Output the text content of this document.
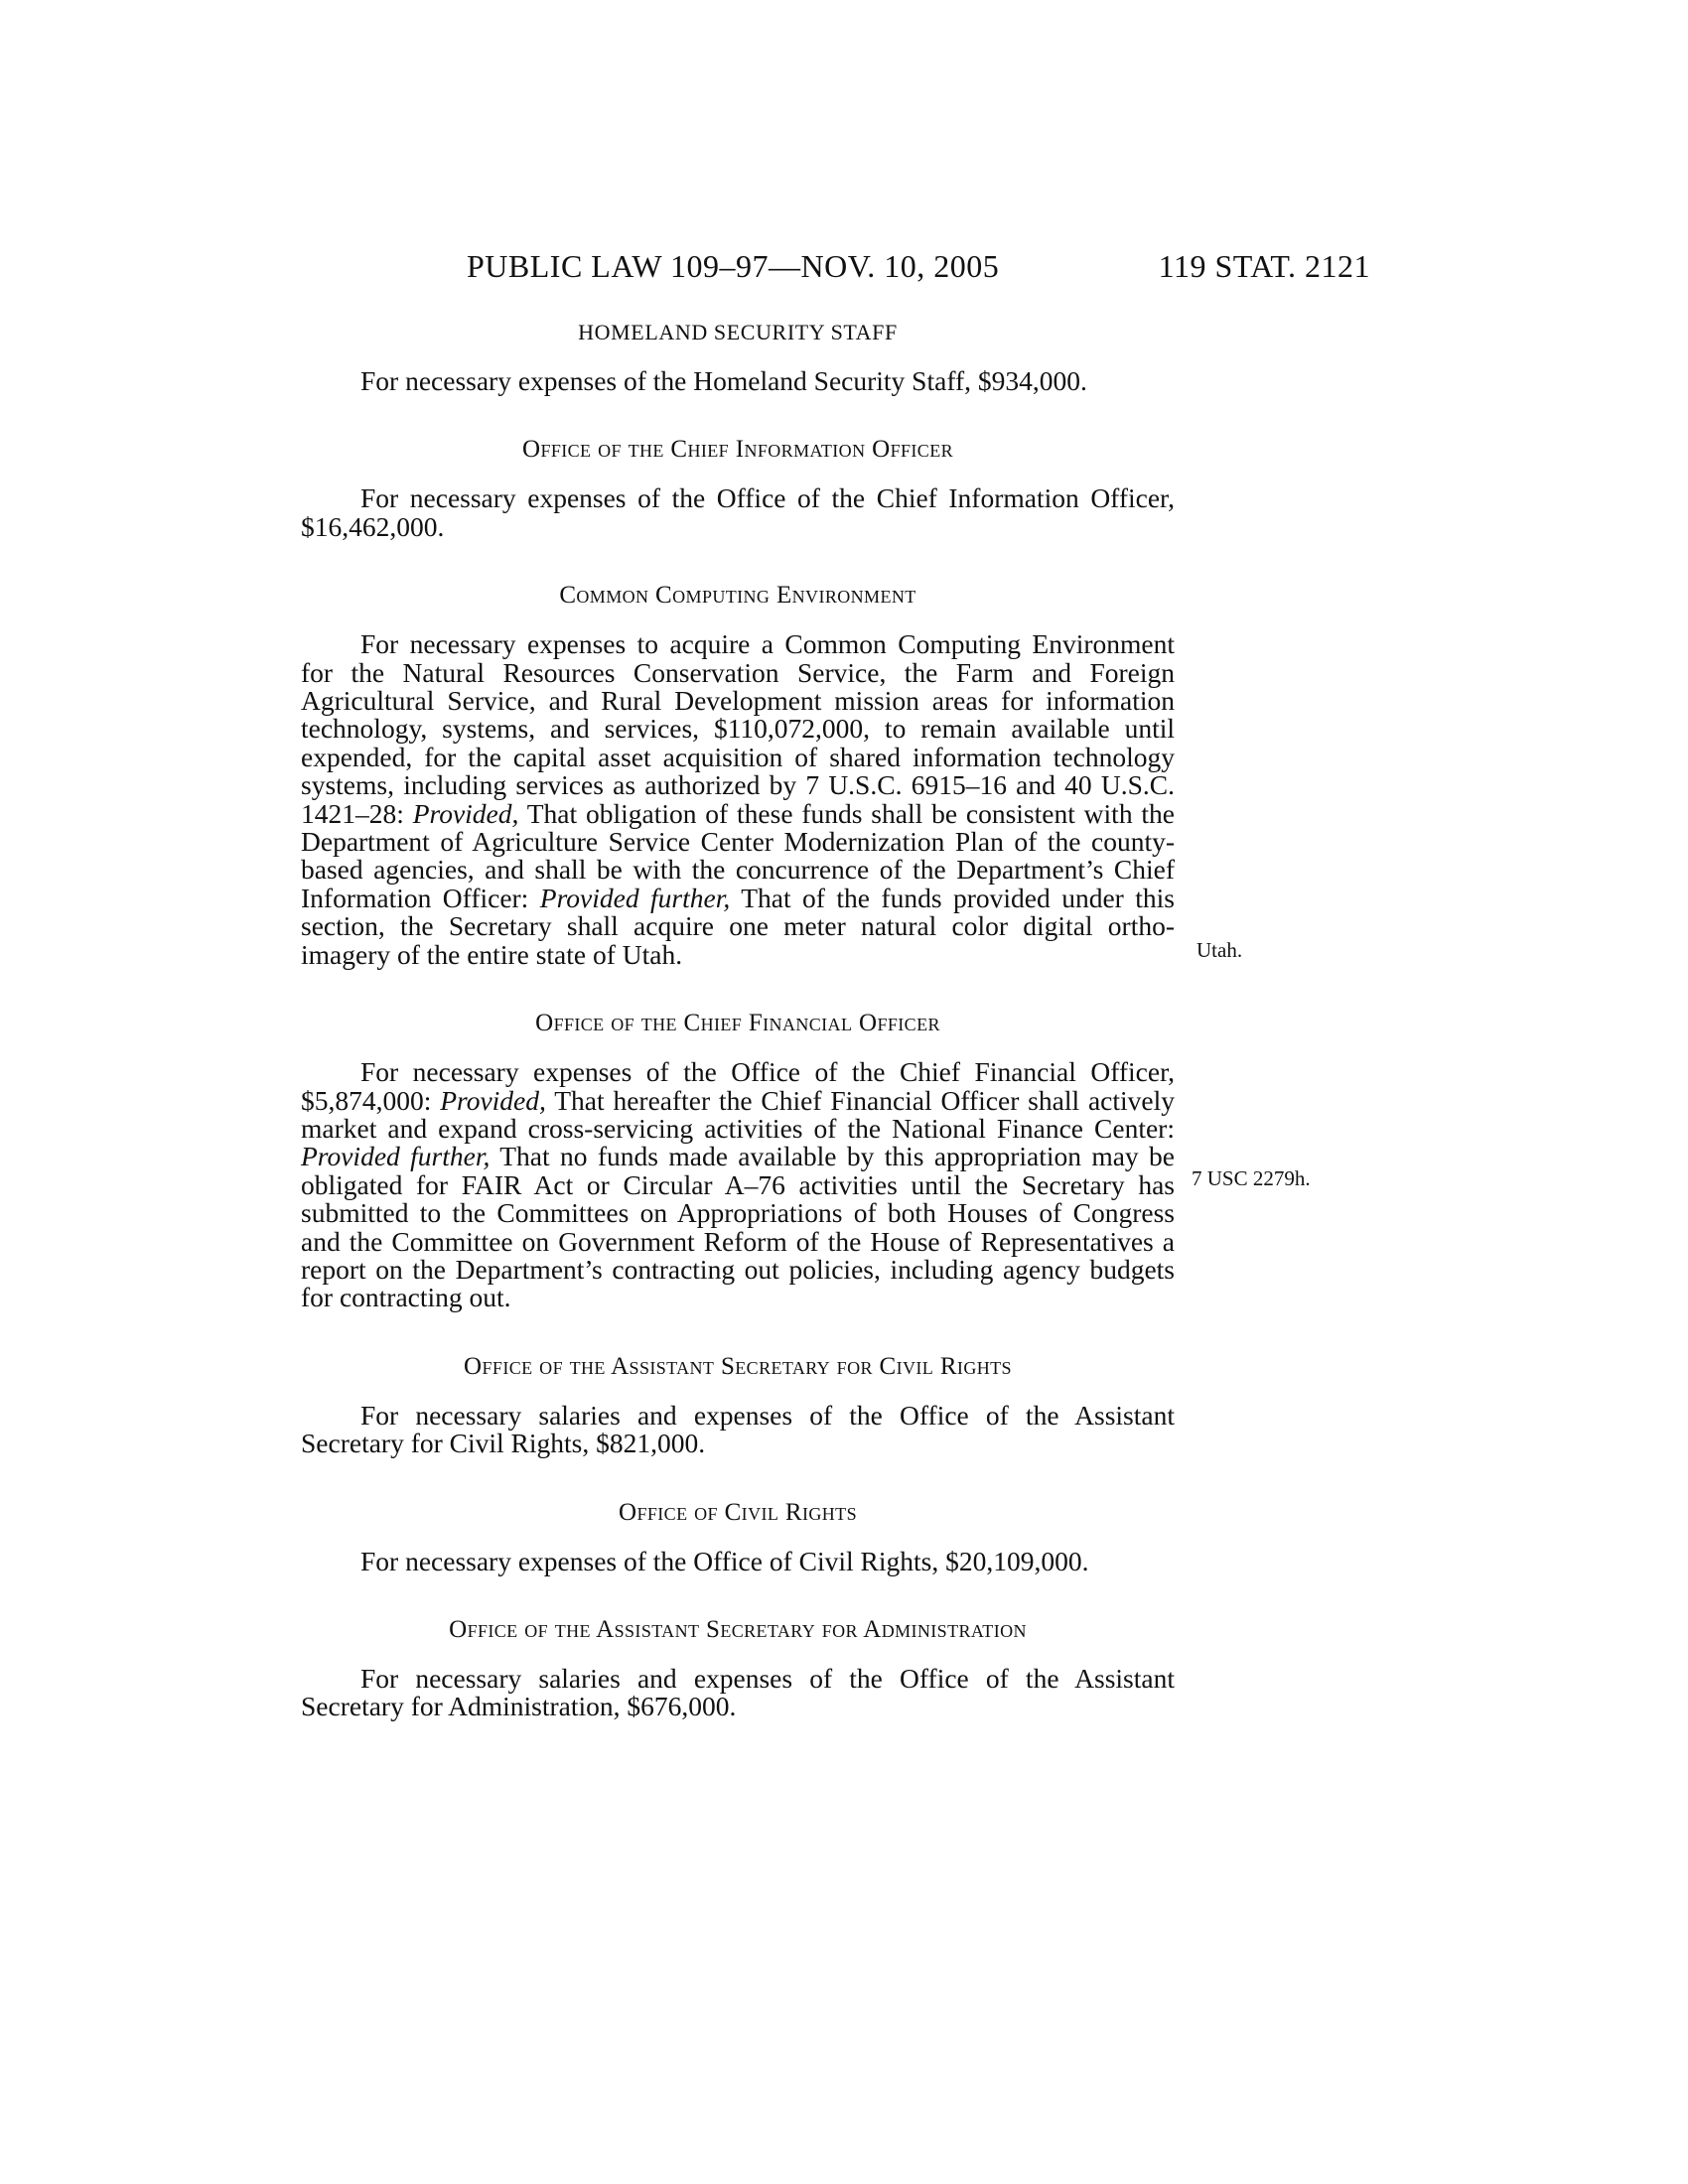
PUBLIC LAW 109–97—NOV. 10, 2005	119 STAT. 2121
HOMELAND SECURITY STAFF

For necessary expenses of the Homeland Security Staff, $934,000.

Office of the Chief Information Officer

For necessary expenses of the Office of the Chief Information Officer, $16,462,000.

Common Computing Environment

For necessary expenses to acquire a Common Computing Environment for the Natural Resources Conservation Service, the Farm and Foreign Agricultural Service, and Rural Development mission areas for information technology, systems, and services, $110,072,000, to remain available until expended, for the capital asset acquisition of shared information technology systems, including services as authorized by 7 U.S.C. 6915–16 and 40 U.S.C. 1421–28: Provided, That obligation of these funds shall be consistent with the Department of Agriculture Service Center Modernization Plan of the county-based agencies, and shall be with the concurrence of the Department’s Chief Information Officer: Provided further, That of the funds provided under this section, the Secretary shall acquire one meter natural color digital ortho-imagery of the entire state of Utah.

Office of the Chief Financial Officer

For necessary expenses of the Office of the Chief Financial Officer, $5,874,000: Provided, That hereafter the Chief Financial Officer shall actively market and expand cross-servicing activities of the National Finance Center: Provided further, That no funds made available by this appropriation may be obligated for FAIR Act or Circular A–76 activities until the Secretary has submitted to the Committees on Appropriations of both Houses of Congress and the Committee on Government Reform of the House of Representatives a report on the Department’s contracting out policies, including agency budgets for contracting out.

Office of the Assistant Secretary for Civil Rights

For necessary salaries and expenses of the Office of the Assistant Secretary for Civil Rights, $821,000.

Office of Civil Rights

For necessary expenses of the Office of Civil Rights, $20,109,000.

Office of the Assistant Secretary for Administration

For necessary salaries and expenses of the Office of the Assistant Secretary for Administration, $676,000.

Utah.
7 USC 2279h.
